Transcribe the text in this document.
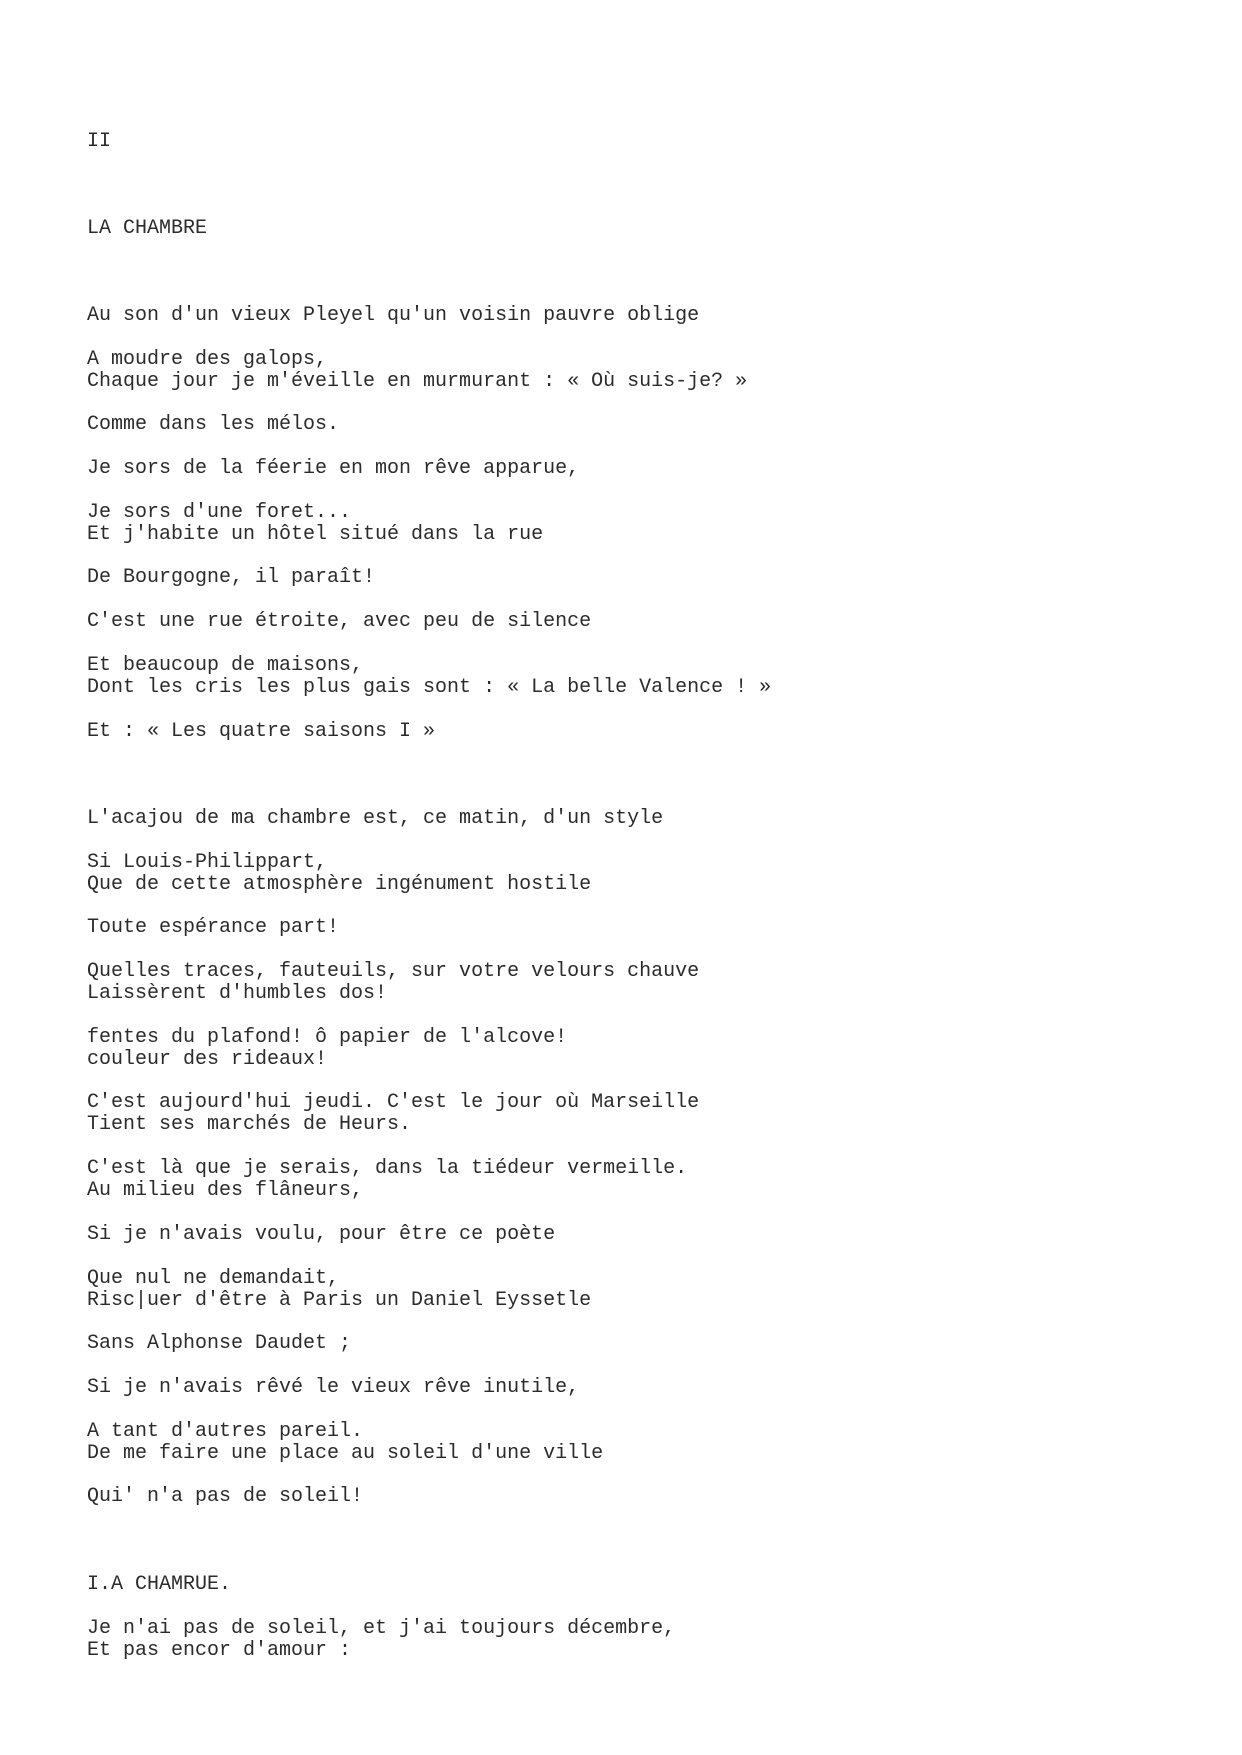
II

LA CHAMBRE

Au son d'un vieux Pleyel qu'un voisin pauvre oblige

A moudre des galops,

Chaque jour je m'éveille en murmurant : « Où suis-je? »

Comme dans les mélos.

Je sors de la féerie en mon rêve apparue,

Je sors d'une foret...

Et j'habite un hôtel situé dans la rue

De Bourgogne, il paraît!

C'est une rue étroite, avec peu de silence

Et beaucoup de maisons,

Dont les cris les plus gais sont : « La belle Valence ! »

Et : « Les quatre saisons I »

L'acajou de ma chambre est, ce matin, d'un style

Si Louis-Philippart,

Que de cette atmosphère ingénument hostile

Toute espérance part!

Quelles traces, fauteuils, sur votre velours chauve

Laissèrent d'humbles dos!

fentes du plafond! ô papier de l'alcove!

couleur des rideaux!

C'est aujourd'hui jeudi. C'est le jour où Marseille

Tient ses marchés de Heurs.

C'est là que je serais, dans la tiédeur vermeille.

Au milieu des flâneurs,

Si je n'avais voulu, pour être ce poète

Que nul ne demandait,

Risc|uer d'être à Paris un Daniel Eyssetle

Sans Alphonse Daudet ;

Si je n'avais rêvé le vieux rêve inutile,

A tant d'autres pareil.

De me faire une place au soleil d'une ville

Qui' n'a pas de soleil!

I.A CHAMRUE.

Je n'ai pas de soleil, et j'ai toujours décembre,

Et pas encor d'amour :
